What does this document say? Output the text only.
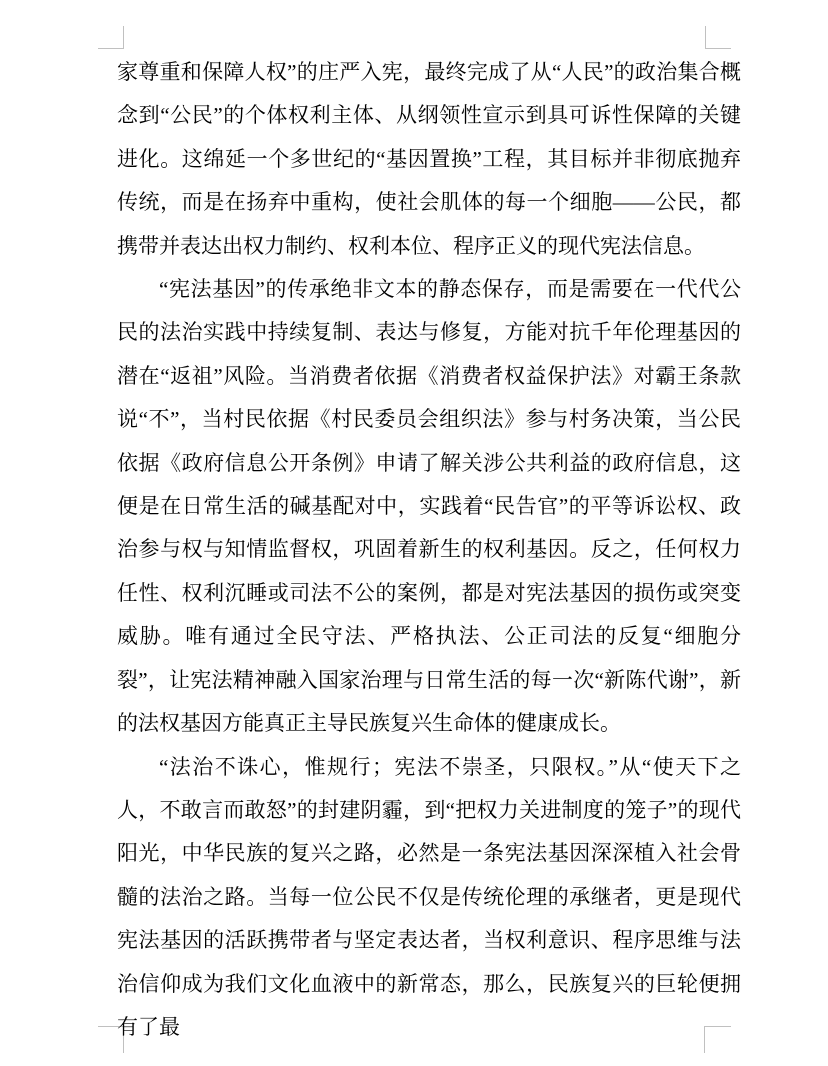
家尊重和保障人权”的庄严入宪，最终完成了从“人民”的政治集合概念到“公民”的个体权利主体、从纲领性宣示到具可诉性保障的关键进化。这绵延一个多世纪的“基因置换”工程，其目标并非彻底抛弃传统，而是在扬弃中重构，使社会肌体的每一个细胞——公民，都携带并表达出权力制约、权利本位、程序正义的现代宪法信息。

“宪法基因”的传承绝非文本的静态保存，而是需要在一代代公民的法治实践中持续复制、表达与修复，方能对抗千年伦理基因的潜在“返祖”风险。当消费者依据《消费者权益保护法》对霸王条款说“不”，当村民依据《村民委员会组织法》参与村务决策，当公民依据《政府信息公开条例》申请了解关涉公共利益的政府信息，这便是在日常生活的碱基配对中，实践着“民告官”的平等诉讼权、政治参与权与知情监督权，巩固着新生的权利基因。反之，任何权力任性、权利沉睡或司法不公的案例，都是对宪法基因的损伤或突变威胁。唯有通过全民守法、严格执法、公正司法的反复“细胞分裂”，让宪法精神融入国家治理与日常生活的每一次“新陈代谢”，新的法权基因方能真正主导民族复兴生命体的健康成长。

“法治不诛心，惟规行；宪法不崇圣，只限权。”从“使天下之人，不敢言而敢怒”的封建阴霾，到“把权力关进制度的笼子”的现代阳光，中华民族的复兴之路，必然是一条宪法基因深深植入社会骨髓的法治之路。当每一位公民不仅是传统伦理的承继者，更是现代宪法基因的活跃携带者与坚定表达者，当权利意识、程序思维与法治信仰成为我们文化血液中的新常态，那么，民族复兴的巨轮便拥有了最
